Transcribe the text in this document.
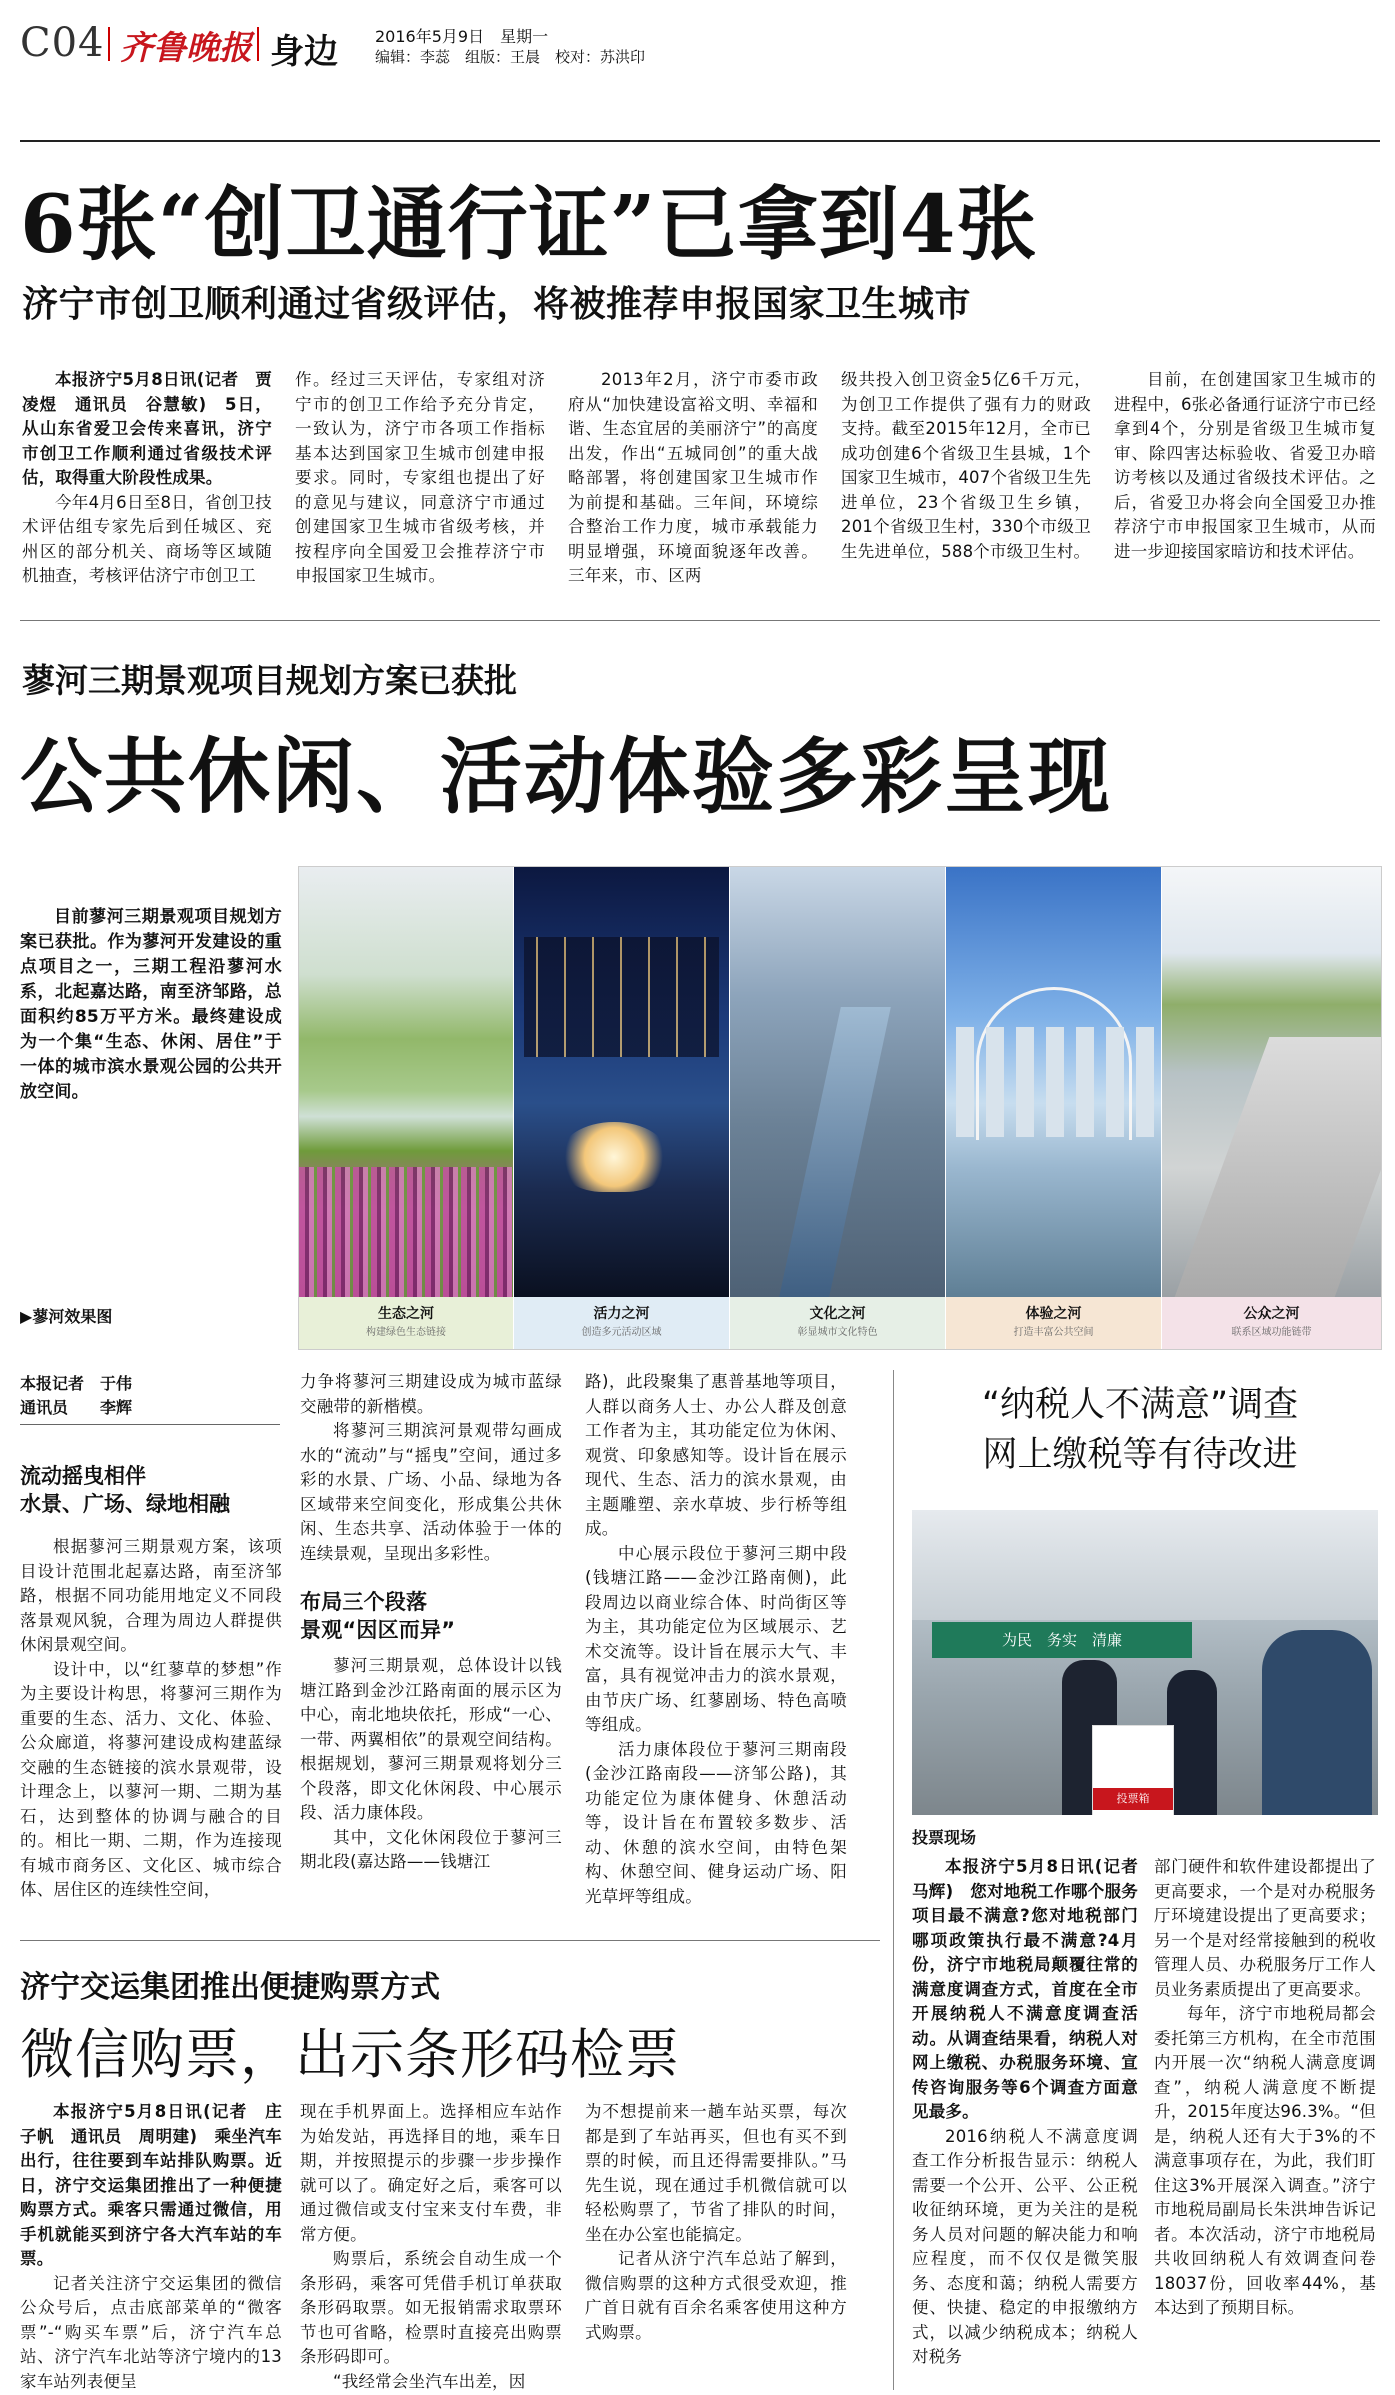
C04 齐鲁晚报 身边 2016年5月9日　 星期一
编辑：李蕊　组版：王晨　校对：苏洪印
6张“创卫通行证”已拿到4张
济宁市创卫顺利通过省级评估，将被推荐申报国家卫生城市

本报济宁5月8日讯(记者　贾凌煜　通讯员　谷慧敏)　5日，从山东省爱卫会传来喜讯，济宁市创卫工作顺利通过省级技术评估，取得重大阶段性成果。

今年4月6日至8日，省创卫技术评估组专家先后到任城区、兖州区的部分机关、商场等区域随机抽查，考核评估济宁市创卫工

作。经过三天评估，专家组对济宁市的创卫工作给予充分肯定，一致认为，济宁市各项工作指标基本达到国家卫生城市创建申报要求。同时，专家组也提出了好的意见与建议，同意济宁市通过创建国家卫生城市省级考核，并按程序向全国爱卫会推荐济宁市申报国家卫生城市。

2013年2月，济宁市委市政府从“加快建设富裕文明、幸福和谐、生态宜居的美丽济宁”的高度出发，作出“五城同创”的重大战略部署，将创建国家卫生城市作为前提和基础。三年间，环境综合整治工作力度，城市承载能力明显增强，环境面貌逐年改善。三年来，市、区两

级共投入创卫资金5亿6千万元，为创卫工作提供了强有力的财政支持。截至2015年12月，全市已成功创建6个省级卫生县城，1个国家卫生城市，407个省级卫生先进单位，23个省级卫生乡镇，201个省级卫生村，330个市级卫生先进单位，588个市级卫生村。

目前，在创建国家卫生城市的进程中，6张必备通行证济宁市已经拿到4个，分别是省级卫生城市复审、除四害达标验收、省爱卫办暗访考核以及通过省级技术评估。之后，省爱卫办将会向全国爱卫办推荐济宁市申报国家卫生城市，从而进一步迎接国家暗访和技术评估。

蓼河三期景观项目规划方案已获批
公共休闲、活动体验多彩呈现

目前蓼河三期景观项目规划方案已获批。作为蓼河开发建设的重点项目之一，三期工程沿蓼河水系，北起嘉达路，南至济邹路，总面积约85万平方米。最终建设成为一个集“生态、休闲、居住”于一体的城市滨水景观公园的公共开放空间。

▶蓼河效果图	生态之河
构建绿色生态链接
活力之河
创造多元活动区域
文化之河
彰显城市文化特色
体验之河
打造丰富公共空间
公众之河
联系区域功能链带
本报记者　于伟
通讯员　　李辉
流动摇曳相伴
水景、广场、绿地相融

根据蓼河三期景观方案，该项目设计范围北起嘉达路，南至济邹路，根据不同功能用地定义不同段落景观风貌，合理为周边人群提供休闲景观空间。

设计中，以“红蓼草的梦想”作为主要设计构思，将蓼河三期作为重要的生态、活力、文化、体验、公众廊道，将蓼河建设成构建蓝绿交融的生态链接的滨水景观带，设计理念上，以蓼河一期、二期为基石，达到整体的协调与融合的目的。相比一期、二期，作为连接现有城市商务区、文化区、城市综合体、居住区的连续性空间，

力争将蓼河三期建设成为城市蓝绿交融带的新楷模。

将蓼河三期滨河景观带勾画成水的“流动”与“摇曳”空间，通过多彩的水景、广场、小品、绿地为各区域带来空间变化，形成集公共休闲、生态共享、活动体验于一体的连续景观，呈现出多彩性。

布局三个段落
景观“因区而异”

蓼河三期景观，总体设计以钱塘江路到金沙江路南面的展示区为中心，南北地块依托，形成“一心、一带、两翼相依”的景观空间结构。根据规划，蓼河三期景观将划分三个段落，即文化休闲段、中心展示段、活力康体段。

其中，文化休闲段位于蓼河三期北段(嘉达路——钱塘江

路)，此段聚集了惠普基地等项目，人群以商务人士、办公人群及创意工作者为主，其功能定位为休闲、观赏、印象感知等。设计旨在展示现代、生态、活力的滨水景观，由主题雕塑、亲水草坡、步行桥等组成。

中心展示段位于蓼河三期中段(钱塘江路——金沙江路南侧)，此段周边以商业综合体、时尚街区等为主，其功能定位为区域展示、艺术交流等。设计旨在展示大气、丰富，具有视觉冲击力的滨水景观，由节庆广场、红蓼剧场、特色高喷等组成。

活力康体段位于蓼河三期南段(金沙江路南段——济邹公路)，其功能定位为康体健身、休憩活动等，设计旨在布置较多数步、活动、休憩的滨水空间，由特色架构、休憩空间、健身运动广场、阳光草坪等组成。

“纳税人不满意”调查
网上缴税等有待改进
为民　务实　清廉
投票箱
投票现场

本报济宁5月8日讯(记者　马辉)　您对地税工作哪个服务项目最不满意?您对地税部门哪项政策执行最不满意?4月份，济宁市地税局颠覆往常的满意度调查方式，首度在全市开展纳税人不满意度调查活动。从调查结果看，纳税人对网上缴税、办税服务环境、宣传咨询服务等6个调查方面意见最多。

2016纳税人不满意度调查工作分析报告显示：纳税人需要一个公开、公平、公正税收征纳环境，更为关注的是税务人员对问题的解决能力和响应程度，而不仅仅是微笑服务、态度和蔼；纳税人需要方便、快捷、稳定的申报缴纳方式，以减少纳税成本；纳税人对税务

部门硬件和软件建设都提出了更高要求，一个是对办税服务厅环境建设提出了更高要求；另一个是对经常接触到的税收管理人员、办税服务厅工作人员业务素质提出了更高要求。

每年，济宁市地税局都会委托第三方机构，在全市范围内开展一次“纳税人满意度调查”，纳税人满意度不断提升，2015年度达96.3%。“但是，纳税人还有大于3%的不满意事项存在，为此，我们盯住这3%开展深入调查。”济宁市地税局副局长朱洪坤告诉记者。本次活动，济宁市地税局共收回纳税人有效调查问卷18037份，回收率44%，基本达到了预期目标。

济宁交运集团推出便捷购票方式
微信购票，出示条形码检票

本报济宁5月8日讯(记者　庄子帆　通讯员　周明建)　乘坐汽车出行，往往要到车站排队购票。近日，济宁交运集团推出了一种便捷购票方式。乘客只需通过微信，用手机就能买到济宁各大汽车站的车票。

记者关注济宁交运集团的微信公众号后，点击底部菜单的“微客票”-“购买车票”后，济宁汽车总站、济宁汽车北站等济宁境内的13家车站列表便呈

现在手机界面上。选择相应车站作为始发站，再选择目的地，乘车日期，并按照提示的步骤一步步操作就可以了。确定好之后，乘客可以通过微信或支付宝来支付车费，非常方便。

购票后，系统会自动生成一个条形码，乘客可凭借手机订单获取条形码取票。如无报销需求取票环节也可省略，检票时直接亮出购票条形码即可。

“我经常会坐汽车出差，因

为不想提前来一趟车站买票，每次都是到了车站再买，但也有买不到票的时候，而且还得需要排队。”马先生说，现在通过手机微信就可以轻松购票了，节省了排队的时间，坐在办公室也能搞定。

记者从济宁汽车总站了解到，微信购票的这种方式很受欢迎，推广首日就有百余名乘客使用这种方式购票。
